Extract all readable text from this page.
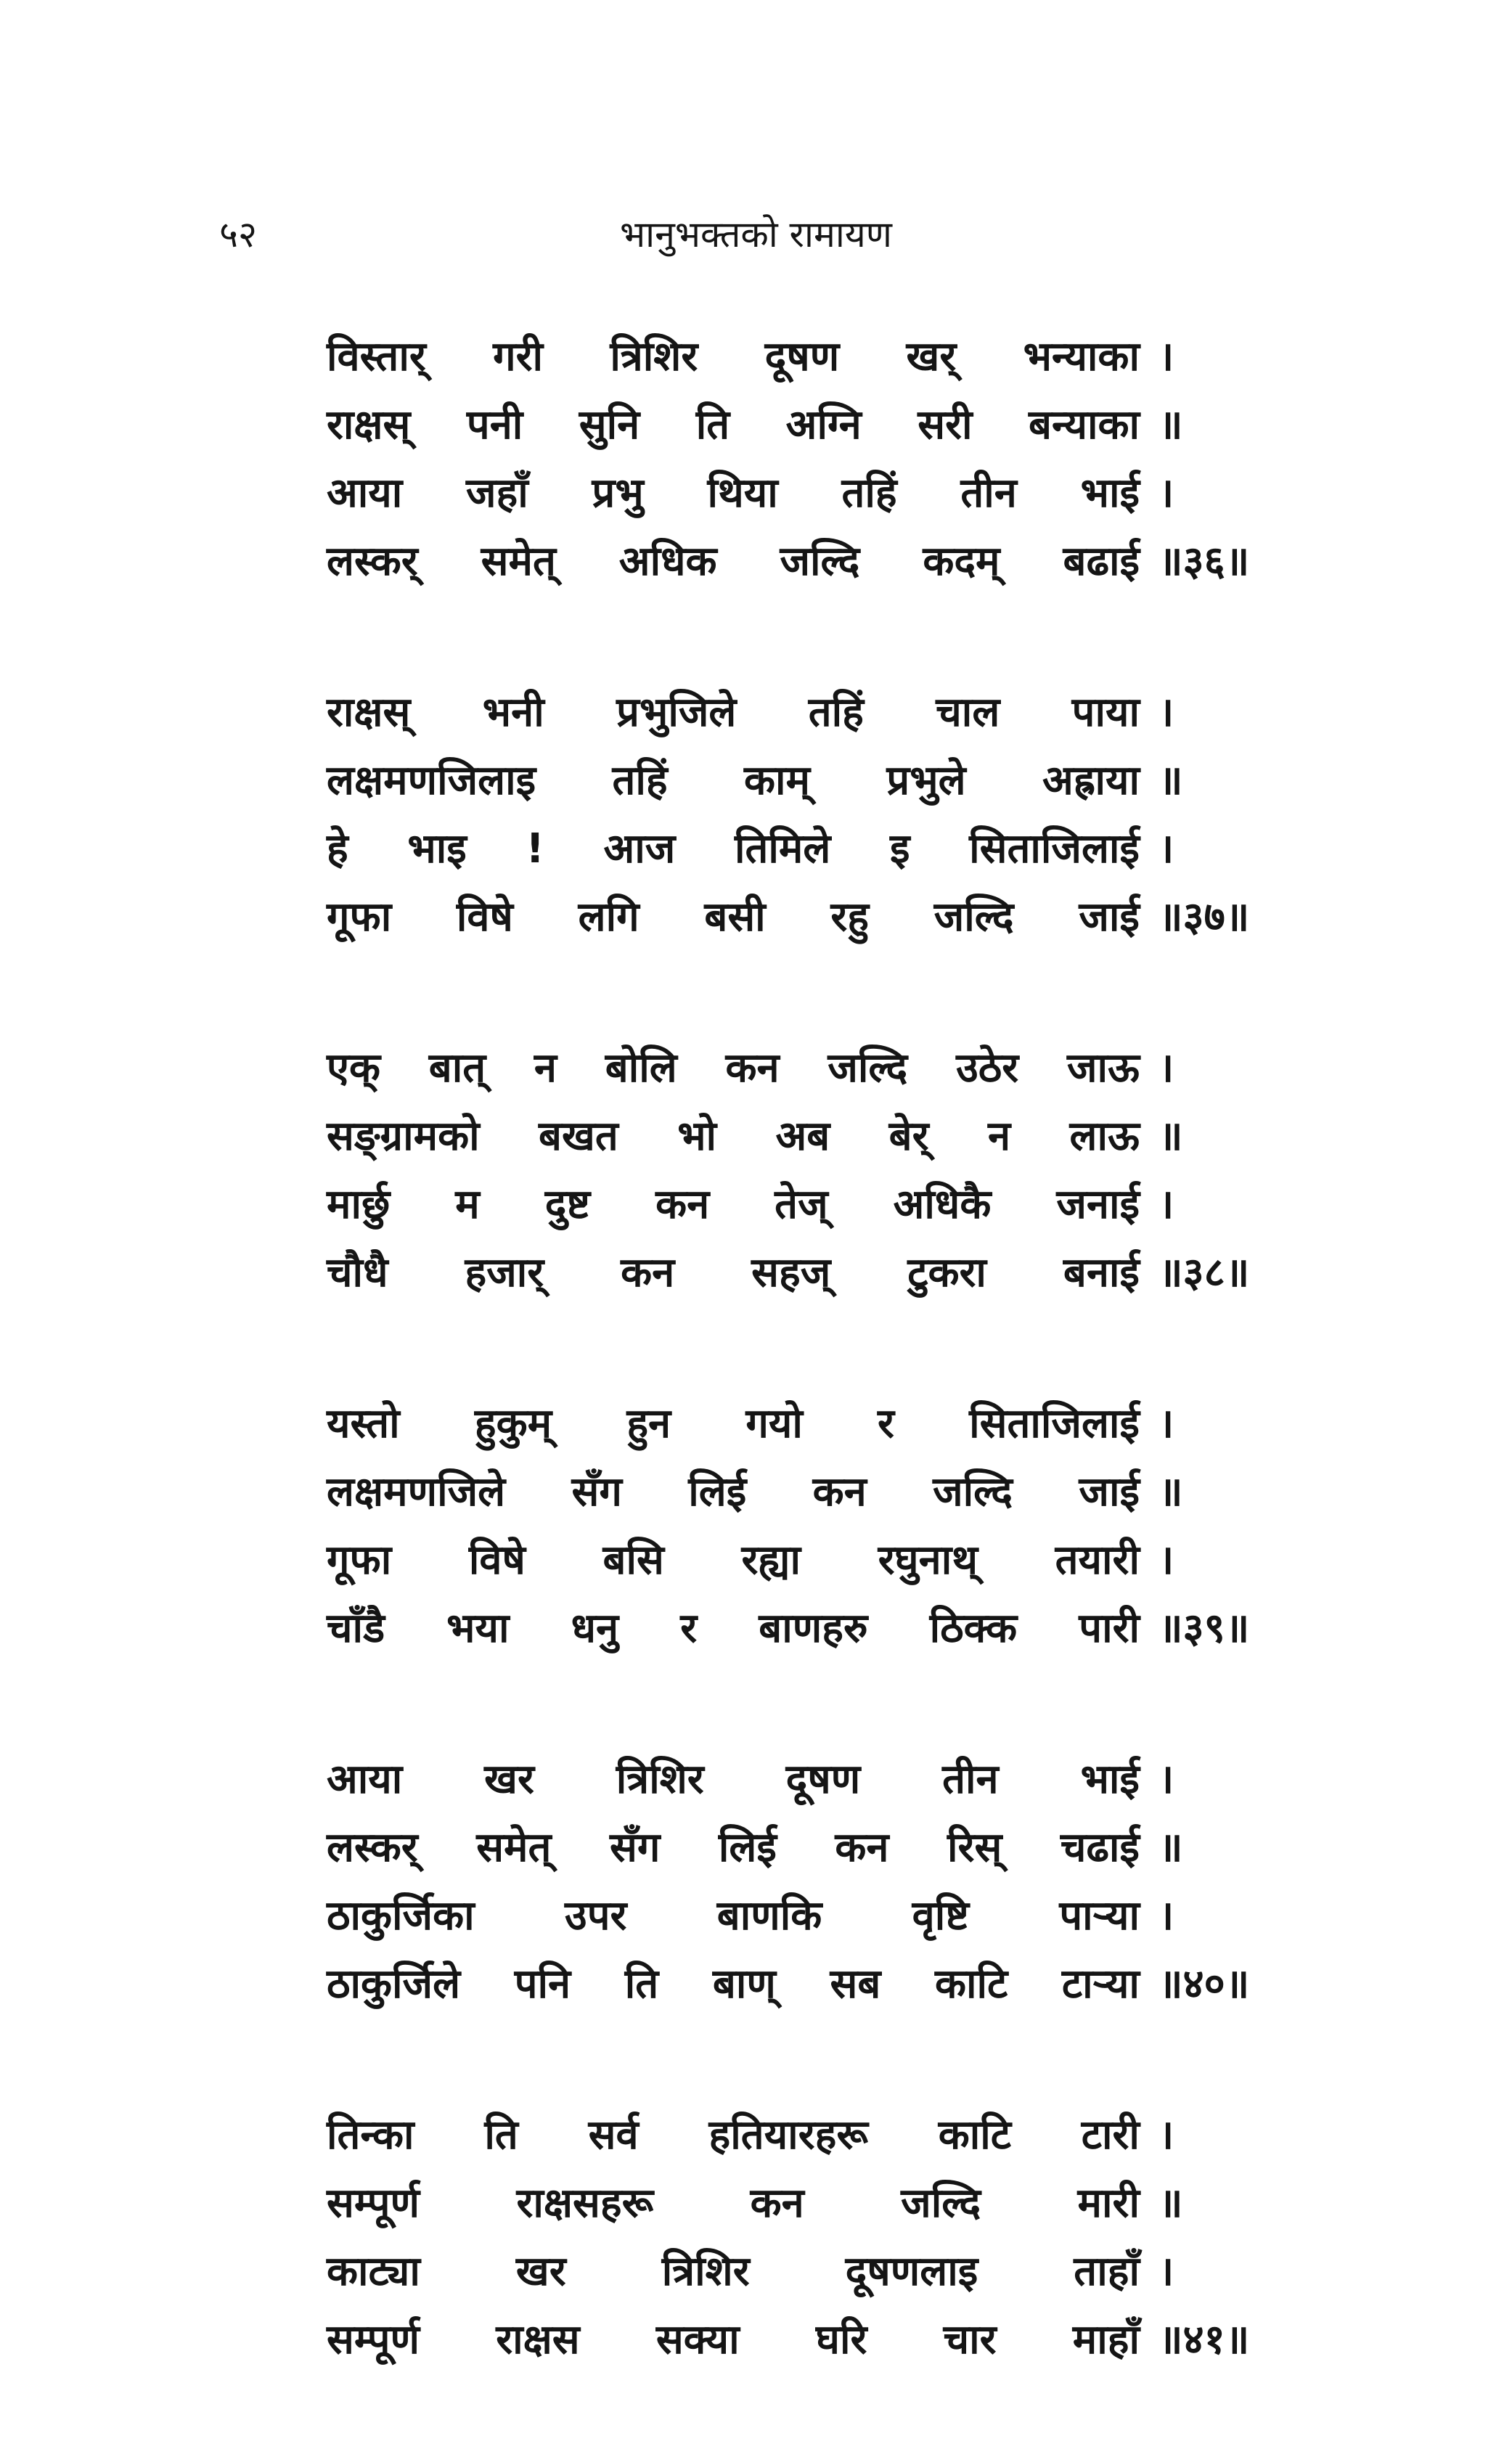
५२	भानुभक्तको रामायण
विस्तार् गरी त्रिशिर दूषण खर् भन्याका ।
राक्षस् पनी सुनि ति अग्नि सरी बन्याका ॥
आया जहाँ प्रभु थिया तहिं तीन भाई ।
लस्कर् समेत् अधिक जल्दि कदम् बढाई ॥३६॥
राक्षस् भनी प्रभुजिले तहिं चाल पाया ।
लक्षमणजिलाइ तहिं काम् प्रभुले अह्राया ॥
हे भाइ ! आज तिमिले इ सिताजिलाई ।
गूफा विषे लगि बसी रहु जल्दि जाई ॥३७॥
एक् बात् न बोलि कन जल्दि उठेर जाऊ ।
सङ्ग्रामको बखत भो अब बेर् न लाऊ ॥
मार्छु म दुष्ट कन तेज् अधिकै जनाई ।
चौधै हजार् कन सहज् टुकरा बनाई ॥३८॥
यस्तो हुकुम् हुन गयो र सिताजिलाई ।
लक्षमणजिले सँग लिई कन जल्दि जाई ॥
गूफा विषे बसि रह्या रघुनाथ् तयारी ।
चाँडै भया धनु र बाणहरु ठिक्क पारी ॥३९॥
आया खर त्रिशिर दूषण तीन भाई ।
लस्कर् समेत् सँग लिई कन रिस् चढाई ॥
ठाकुर्जिका उपर बाणकि वृष्टि पार्‍या ।
ठाकुर्जिले पनि ति बाण् सब काटि टार्‍या ॥४०॥
तिन्का ति सर्व हतियारहरू काटि टारी ।
सम्पूर्ण राक्षसहरू कन जल्दि मारी ॥
काट्या खर त्रिशिर दूषणलाइ ताहाँ ।
सम्पूर्ण राक्षस सक्या घरि चार माहाँ ॥४१॥
